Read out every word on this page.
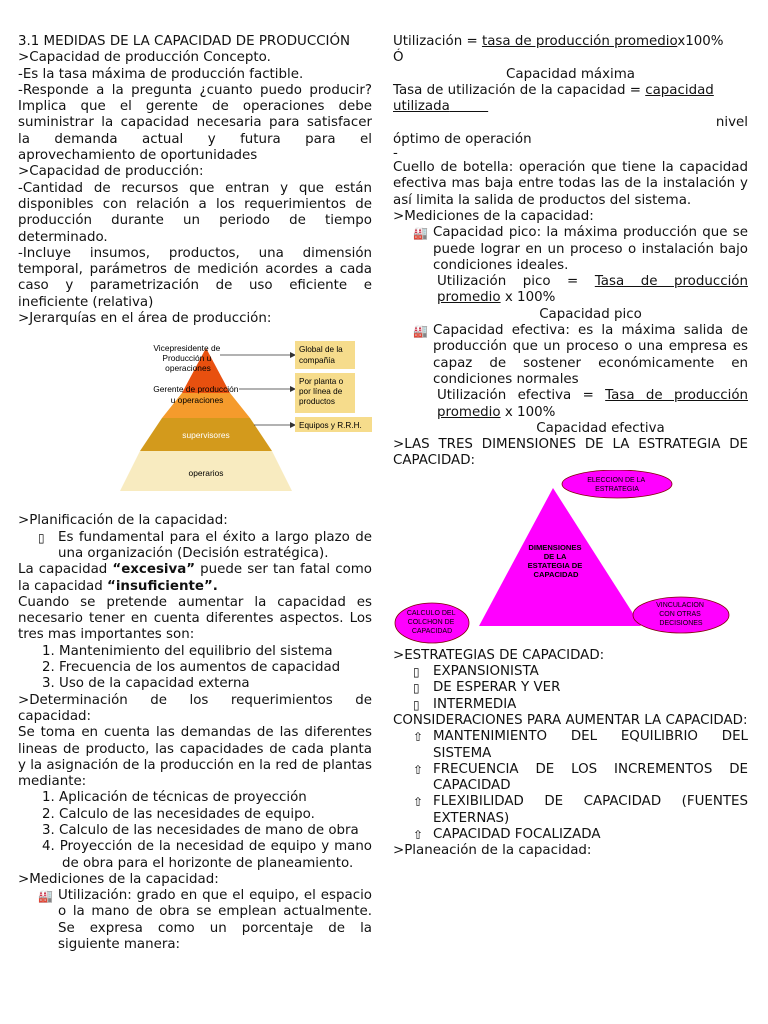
3.1 MEDIDAS DE LA CAPACIDAD DE PRODUCCIÓN

>Capacidad de producción Concepto.

-Es la tasa máxima de producción factible.

-Responde a la pregunta ¿cuanto puedo producir? Implica que el gerente de operaciones debe suministrar la capacidad necesaria para satisfacer la demanda actual y futura para el aprovechamiento de oportunidades

>Capacidad de producción:

-Cantidad de recursos que entran y que están disponibles con relación a los requerimientos de producción durante un periodo de tiempo determinado.

-Incluye insumos, productos, una dimensión temporal, parámetros de medición acordes a cada caso y parametrización de uso eficiente e ineficiente (relativa)

>Jerarquías en el área de producción:

Vicepresidente de Producción u operaciones
Gerente de producción u operaciones
supervisores
operarios
Global de la compañía
Por planta o por línea de productos
Equipos y R.R.H.

>Planificación de la capacidad:

▯ Es fundamental para el éxito a largo plazo de una organización (Decisión estratégica).

La capacidad “excesiva” puede ser tan fatal como la capacidad “insuficiente”.

Cuando se pretende aumentar la capacidad es necesario tener en cuenta diferentes aspectos. Los tres mas importantes son:

1. Mantenimiento del equilibrio del sistema
2. Frecuencia de los aumentos de capacidad
3. Uso de la capacidad externa

>Determinación de los requerimientos de capacidad:

Se toma en cuenta las demandas de las diferentes lineas de producto, las capacidades de cada planta y la asignación de la producción en la red de plantas mediante:

1. Aplicación de técnicas de proyección
2. Calculo de las necesidades de equipo.
3. Calculo de las necesidades de mano de obra
4. Proyección de la necesidad de equipo y mano de obra para el horizonte de planeamiento.

>Mediciones de la capacidad:

🏭 Utilización: grado en que el equipo, el espacio o la mano de obra se emplean actualmente. Se expresa como un porcentaje de la siguiente manera:

Utilización = tasa de producción promediox100%

Ó

Capacidad máxima

Tasa de utilización de la capacidad = capacidad utilizada

nivel

óptimo de operación

-

Cuello de botella: operación que tiene la capacidad efectiva mas baja entre todas las de la instalación y así limita la salida de productos del sistema.

>Mediciones de la capacidad:

🏭 Capacidad pico: la máxima producción que se puede lograr en un proceso o instalación bajo condiciones ideales.

Utilización pico = Tasa de producción promedio x 100%

Capacidad pico

🏭 Capacidad efectiva: es la máxima salida de producción que un proceso o una empresa es capaz de sostener económicamente en condiciones normales

Utilización efectiva = Tasa de producción promedio x 100%

Capacidad efectiva

>LAS TRES DIMENSIONES DE LA ESTRATEGIA DE CAPACIDAD:

DIMENSIONES DE LA ESTATEGIA DE CAPACIDAD
ELECCION DE LA ESTRATEGIA
CALCULO DEL COLCHON DE CAPACIDAD
VINCULACION CON OTRAS DECISIONES

>ESTRATEGIAS DE CAPACIDAD:

▯ EXPANSIONISTA
▯ DE ESPERAR Y VER
▯ INTERMEDIA

CONSIDERACIONES PARA AUMENTAR LA CAPACIDAD:

⇧ MANTENIMIENTO DEL EQUILIBRIO DEL SISTEMA
⇧ FRECUENCIA DE LOS INCREMENTOS DE CAPACIDAD
⇧ FLEXIBILIDAD DE CAPACIDAD (FUENTES EXTERNAS)
⇧ CAPACIDAD FOCALIZADA

>Planeación de la capacidad:
